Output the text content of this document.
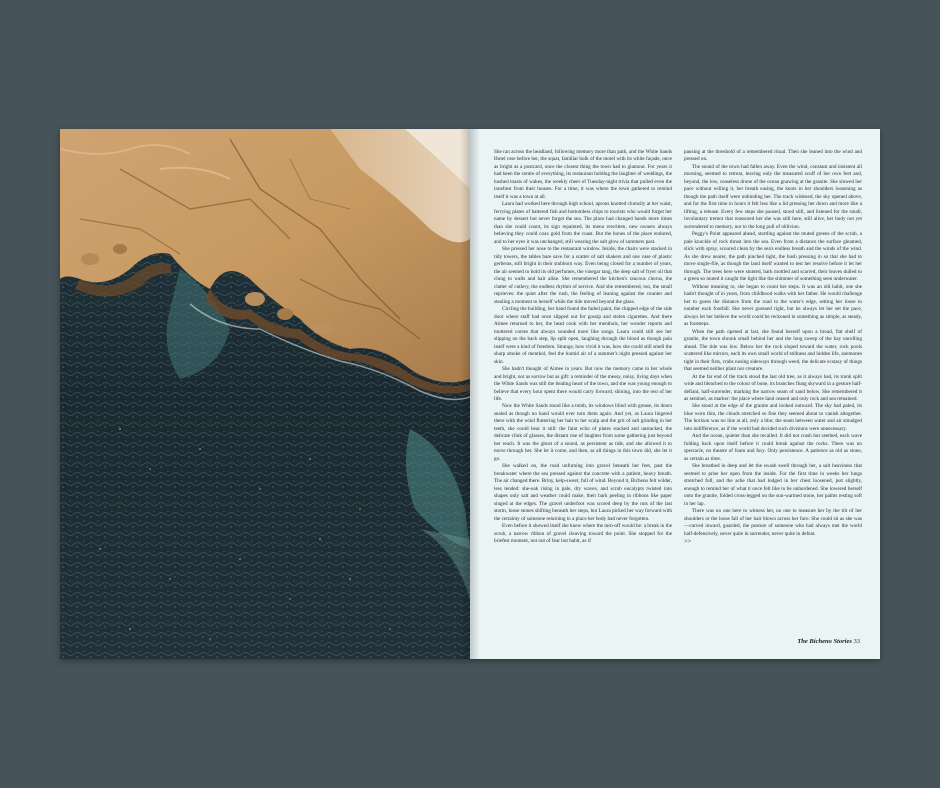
She ran across the headland, following memory more than path, and the White Sands Hotel rose before her, the squat, familiar bulk of the motel with its white façade, once as bright as a postcard, once the closest thing the town had to glamour. For years it had been the centre of everything, its restaurant holding the laughter of weddings, the hushed toasts of wakes, the weekly cheer of Tuesday-night trivia that pulled even the loneliest from their houses. For a time, it was where the town gathered to remind itself it was a town at all.

Laura had worked here through high school, aprons knotted clumsily at her waist, ferrying plates of battered fish and bottomless chips to tourists who would forget her name by dessert but never forget the sea. The place had changed hands more times than she could count, its sign repainted, its menu rewritten, new owners always believing they could coax gold from the coast. But the bones of the place endured, and to her eyes it was unchanged, still wearing the salt glow of summers past.

She pressed her nose to the restaurant window. Inside, the chairs were stacked in tidy towers, the tables bare save for a scatter of salt shakers and one vase of plastic gerberas, still bright in their stubborn way. Even being closed for a number of years, the air seemed to hold its old perfumes, the vinegar tang, the deep salt of fryer oil that clung to walls and hair alike. She remembered the kitchen's raucous chorus, the clatter of cutlery, the endless rhythm of service. And she remembered, too, the small reprieves: the quiet after the rush, the feeling of leaning against the counter and stealing a moment to herself while the tide moved beyond the glass.

Circling the building, her hand found the faded paint, the chipped edge of the side door where staff had once slipped out for gossip and stolen cigarettes. And there Aimee returned to her, the head cook with her menthols, her wonder reports and muttered curses that always sounded more like songs. Laura could still see her slipping on the back step, lip split open, laughing through the blood as though pain itself were a kind of freedom. Strange, how vivid it was, how she could still smell the sharp smoke of menthol, feel the humid air of a summer's night pressed against her skin.

She hadn't thought of Aimee in years. But now the memory came to her whole and bright, not as sorrow but as gift: a reminder of the messy, noisy, living days when the White Sands was still the beating heart of the town, and she was young enough to believe that every hour spent there would carry forward, shining, into the rest of her life.

Now the White Sands stood like a tomb, its windows blind with grease, its doors sealed as though no hand would ever turn them again. And yet, as Laura lingered there with the wind fluttering her hair to her scalp and the grit of salt grinding in her teeth, she could hear it still: the faint echo of plates stacked and unstacked, the delicate clink of glasses, the distant rise of laughter from some gathering just beyond her reach. It was the ghost of a sound, as persistent as tide, and she allowed it to move through her. She let it come, and then, as all things in this town did, she let it go.

She walked on, the road unfurning into gravel beneath her feet, past the breakwater where the sea pressed against the concrete with a patient, heavy breath. The air changed there. Briny, kelp-sweet, full of wind. Beyond it, Bicheno felt wilder, less tended: she-oak rising in pale, dry waves, and scrub eucalypts twisted into shapes only salt and weather could make, their bark peeling in ribbons like paper singed at the edges. The gravel underfoot was scored deep by the ruts of the last storm, loose stones shifting beneath her steps, but Laura picked her way forward with the certainty of someone returning to a place her body had never forgotten.

Even before it showed itself she knew where the turn-off would be: a break in the scrub, a narrow ribbon of gravel cleaving toward the point. She stopped for the briefest moment, not out of fear but habit, as if

pausing at the threshold of a remembered ritual. Then she leaned into the wind and pressed on.

The sound of the town had fallen away. Even the wind, constant and insistent all morning, seemed to retreat, leaving only the measured scuff of her own feet and, beyond, the low, ceaseless drone of the ocean gnawing at the granite. She slowed her pace without willing it, her breath easing, the knots in her shoulders loosening as though the path itself were unbinding her. The track widened, the sky opened above, and for the first time in hours it felt less like a lid pressing her down and more like a lifting, a release. Every few steps she paused, stood still, and listened for the small, involuntary tremor that reassured her she was still here, still alive, her body not yet surrendered to memory, nor to the long pull of oblivion.

Peggy's Point appeared ahead, startling against the muted greens of the scrub, a pale knuckle of rock thrust into the sea. Even from a distance the surface gleamed, slick with spray, scoured clean by the sea's endless breath and the winds of the wind. As she drew nearer, the path pinched tight, the bush pressing in so that she had to move single-file, as though the land itself wanted to test her resolve before it let her through. The trees here were stunted, bark mottled and scarred, their leaves dulled to a green so muted it caught the light like the shimmer of something seen underwater.

Without meaning to, she began to count her steps. It was an old habit, one she hadn't thought of in years, from childhood walks with her father. He would challenge her to guess the distance from the road to the water's edge, setting her loose to number each footfall. She never guessed right, but he always let her set the pace, always let her believe the world could be reckoned in something as simple, as steady, as footsteps.

When the path opened at last, she found herself upon a broad, flat shelf of granite, the town shrunk small behind her and the long sweep of the bay unrolling ahead. The tide was low. Below her the rock sloped toward the water, rock pools scattered like mirrors, each its own small world of stillness and hidden life, anemones tight in their fists, crabs nosing sideways through weed, the delicate ecstasy of things that seemed neither plant nor creature.

At the far end of the track stood the last old tree, as it always had, its trunk split wide and bleached to the colour of bone, its branches flung skyward in a gesture half-defiant, half-surrender, marking the narrow seam of sand below. She remembered it as sentinel, as marker: the place where land ceased and only rock and sea remained.

She stood at the edge of the granite and looked outward. The sky had paled, its blue worn thin, the clouds stretched so fine they seemed about to vanish altogether. The horizon was no line at all, only a blur, the seam between water and air smudged into indifference, as if the world had decided such divisions were unnecessary.

And the ocean, quieter than she recalled. It did not crash but seethed, each wave folding back upon itself before it could break against the rocks. There was no spectacle, no theatre of foam and fury. Only persistence. A patience as old as stone, as certain as time.

She breathed in deep and let the swash swell through her, a salt heaviness that seemed to prise her open from the inside. For the first time in weeks her lungs stretched full, and the ache that had lodged in her chest loosened, just slightly, enough to remind her of what it once felt like to be unburdened. She lowered herself onto the granite, folded cross-legged on the sun-warmed stone, her palms resting soft in her lap.

There was no one here to witness her, no one to measure her by the tilt of her shoulders or the loose fall of her hair blown across her face. She could sit as she was—curved inward, guarded, the posture of someone who had always met the world half-defensively, never quite in surrender, never quite in defeat.

>>

The Bicheno Stories 33
